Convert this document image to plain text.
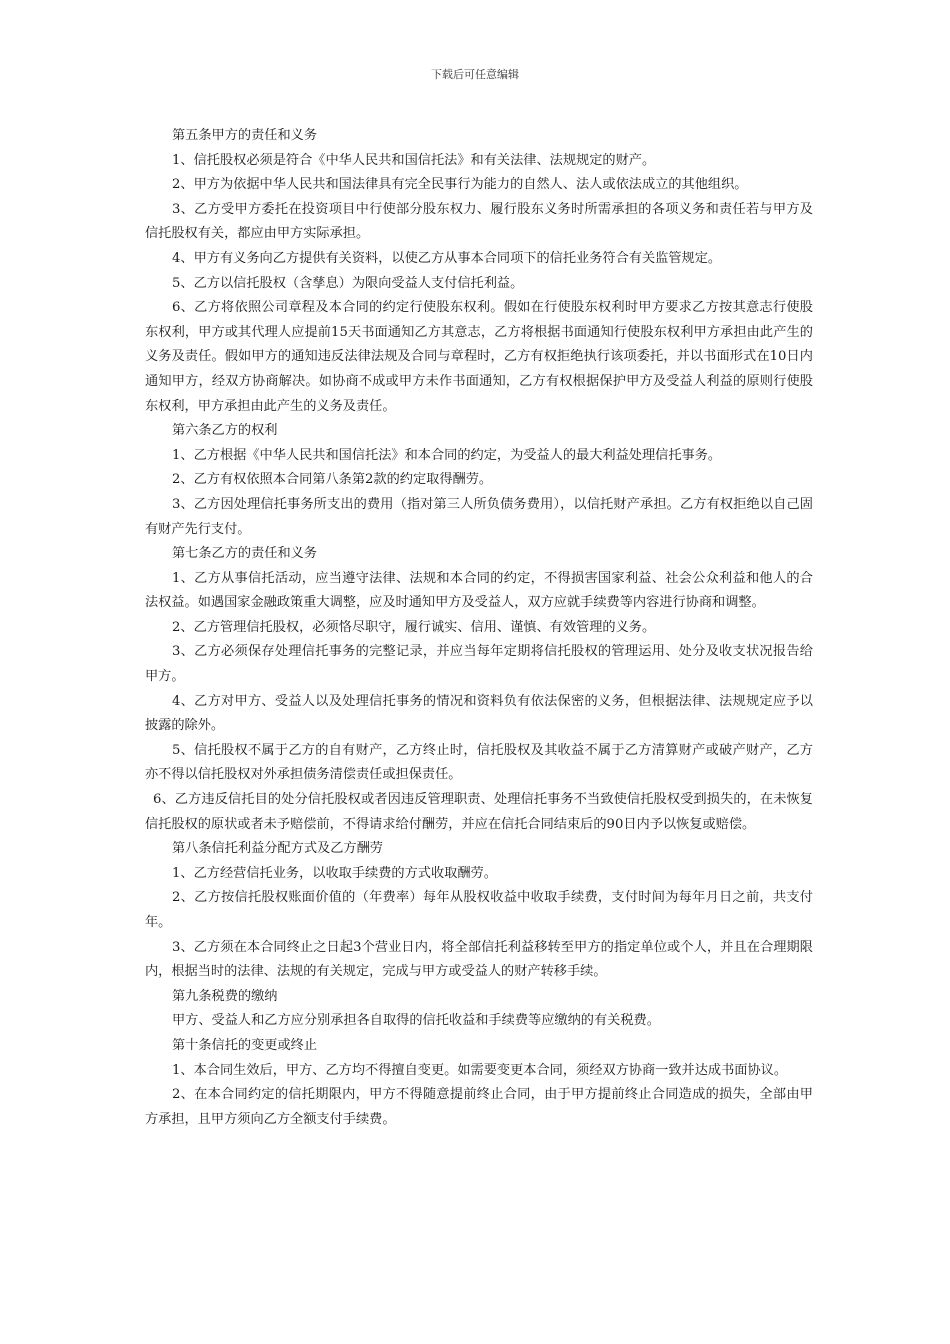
下载后可任意编辑

第五条甲方的责任和义务

1、信托股权必须是符合《中华人民共和国信托法》和有关法律、法规规定的财产。

2、甲方为依据中华人民共和国法律具有完全民事行为能力的自然人、法人或依法成立的其他组织。

3、乙方受甲方委托在投资项目中行使部分股东权力、履行股东义务时所需承担的各项义务和责任若与甲方及信托股权有关，都应由甲方实际承担。

4、甲方有义务向乙方提供有关资料，以使乙方从事本合同项下的信托业务符合有关监管规定。

5、乙方以信托股权（含孳息）为限向受益人支付信托利益。

6、乙方将依照公司章程及本合同的约定行使股东权利。假如在行使股东权利时甲方要求乙方按其意志行使股东权利，甲方或其代理人应提前15天书面通知乙方其意志，乙方将根据书面通知行使股东权利甲方承担由此产生的义务及责任。假如甲方的通知违反法律法规及合同与章程时，乙方有权拒绝执行该项委托，并以书面形式在10日内通知甲方，经双方协商解决。如协商不成或甲方未作书面通知，乙方有权根据保护甲方及受益人利益的原则行使股东权利，甲方承担由此产生的义务及责任。

第六条乙方的权利

1、乙方根据《中华人民共和国信托法》和本合同的约定，为受益人的最大利益处理信托事务。

2、乙方有权依照本合同第八条第2款的约定取得酬劳。

3、乙方因处理信托事务所支出的费用（指对第三人所负债务费用），以信托财产承担。乙方有权拒绝以自己固有财产先行支付。

第七条乙方的责任和义务

1、乙方从事信托活动，应当遵守法律、法规和本合同的约定，不得损害国家利益、社会公众利益和他人的合法权益。如遇国家金融政策重大调整，应及时通知甲方及受益人，双方应就手续费等内容进行协商和调整。

2、乙方管理信托股权，必须恪尽职守，履行诚实、信用、谨慎、有效管理的义务。

3、乙方必须保存处理信托事务的完整记录，并应当每年定期将信托股权的管理运用、处分及收支状况报告给甲方。

4、乙方对甲方、受益人以及处理信托事务的情况和资料负有依法保密的义务，但根据法律、法规规定应予以披露的除外。

5、信托股权不属于乙方的自有财产，乙方终止时，信托股权及其收益不属于乙方清算财产或破产财产，乙方亦不得以信托股权对外承担债务清偿责任或担保责任。

6、乙方违反信托目的处分信托股权或者因违反管理职责、处理信托事务不当致使信托股权受到损失的，在未恢复信托股权的原状或者未予赔偿前，不得请求给付酬劳，并应在信托合同结束后的90日内予以恢复或赔偿。

第八条信托利益分配方式及乙方酬劳

1、乙方经营信托业务，以收取手续费的方式收取酬劳。

2、乙方按信托股权账面价值的（年费率）每年从股权收益中收取手续费，支付时间为每年月日之前，共支付年。

3、乙方须在本合同终止之日起3个营业日内，将全部信托利益移转至甲方的指定单位或个人，并且在合理期限内，根据当时的法律、法规的有关规定，完成与甲方或受益人的财产转移手续。

第九条税费的缴纳

甲方、受益人和乙方应分别承担各自取得的信托收益和手续费等应缴纳的有关税费。

第十条信托的变更或终止

1、本合同生效后，甲方、乙方均不得擅自变更。如需要变更本合同，须经双方协商一致并达成书面协议。

2、在本合同约定的信托期限内，甲方不得随意提前终止合同，由于甲方提前终止合同造成的损失，全部由甲方承担，且甲方须向乙方全额支付手续费。
